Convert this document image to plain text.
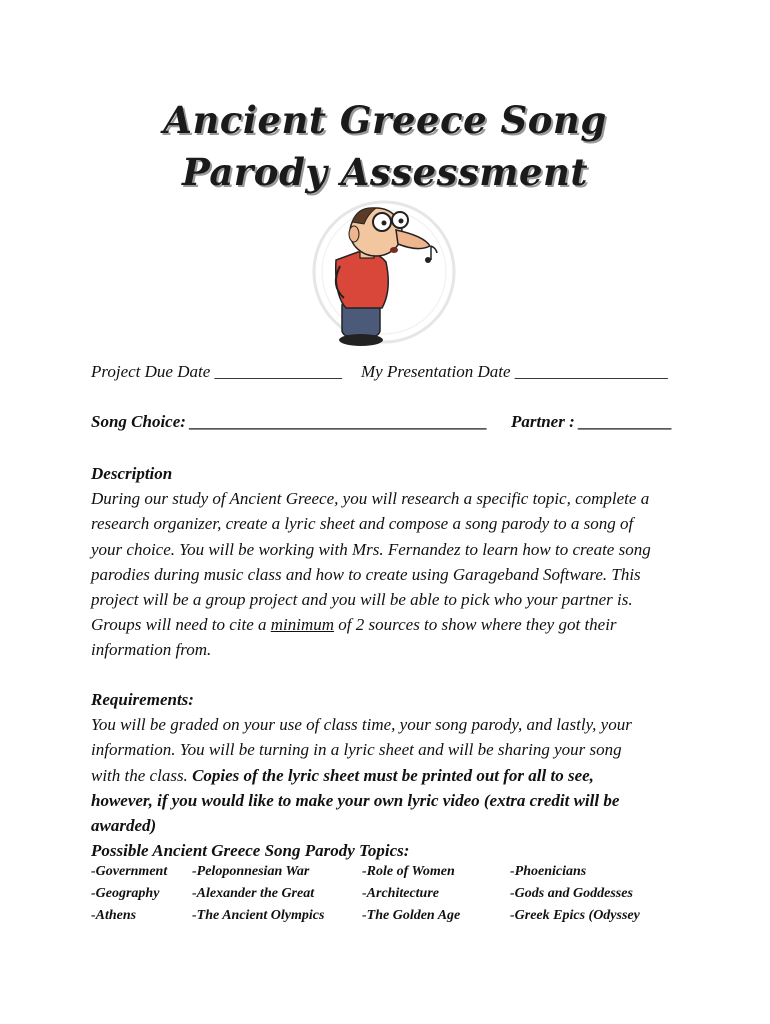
Ancient Greece Song
Parody Assessment
Project Due Date _______________ My Presentation Date __________________
Song Choice: ___________________________________ Partner : ___________
Description
During our study of Ancient Greece, you will research a specific topic, complete a
research organizer, create a lyric sheet and compose a song parody to a song of
your choice. You will be working with Mrs. Fernandez to learn how to create song
parodies during music class and how to create using Garageband Software. This
project will be a group project and you will be able to pick who your partner is.
Groups will need to cite a minimum of 2 sources to show where they got their
information from.
Requirements:
You will be graded on your use of class time, your song parody, and lastly, your
information. You will be turning in a lyric sheet and will be sharing your song
with the class. Copies of the lyric sheet must be printed out for all to see,
however, if you would like to make your own lyric video (extra credit will be
awarded)
Possible Ancient Greece Song Parody Topics:
-Government
-Geography
-Athens
-Peloponnesian War
-Alexander the Great
-The Ancient Olympics
-Role of Women
-Architecture
-The Golden Age
-Phoenicians
-Gods and Goddesses
-Greek Epics (Odyssey
